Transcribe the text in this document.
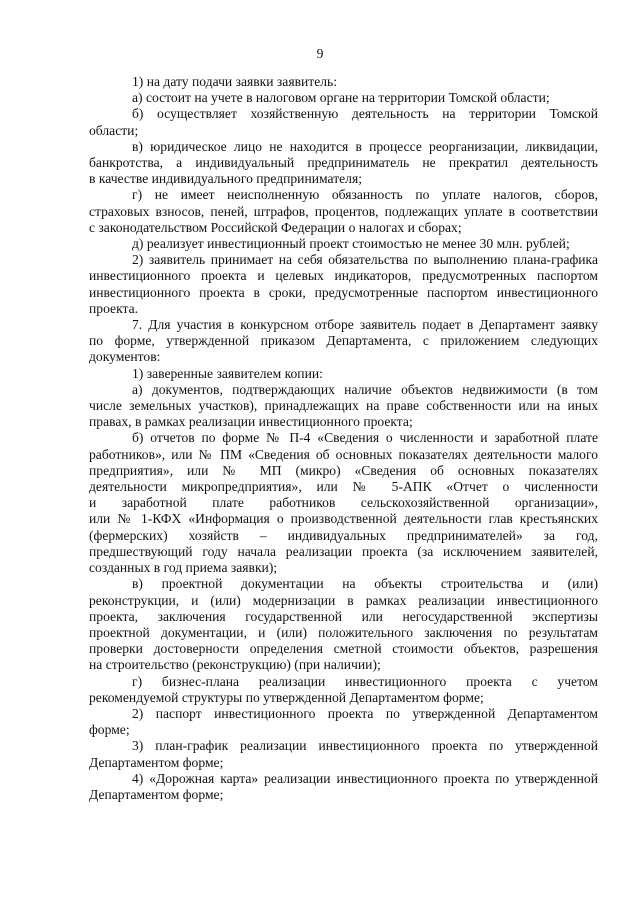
9
1) на дату подачи заявки заявитель:
а) состоит на учете в налоговом органе на территории Томской области;
б) осуществляет хозяйственную деятельность на территории Томской
области;
в) юридическое лицо не находится в процессе реорганизации, ликвидации,
банкротства, а индивидуальный предприниматель не прекратил деятельность
в качестве индивидуального предпринимателя;
г) не имеет неисполненную обязанность по уплате налогов, сборов,
страховых взносов, пеней, штрафов, процентов, подлежащих уплате в соответствии
с законодательством Российской Федерации о налогах и сборах;
д) реализует инвестиционный проект стоимостью не менее 30 млн. рублей;
2) заявитель принимает на себя обязательства по выполнению плана-графика
инвестиционного проекта и целевых индикаторов, предусмотренных паспортом
инвестиционного проекта в сроки, предусмотренные паспортом инвестиционного
проекта.
7. Для участия в конкурсном отборе заявитель подает в Департамент заявку
по форме, утвержденной приказом Департамента, с приложением следующих
документов:
1) заверенные заявителем копии:
а) документов, подтверждающих наличие объектов недвижимости (в том
числе земельных участков), принадлежащих на праве собственности или на иных
правах, в рамках реализации инвестиционного проекта;
б) отчетов по форме № П-4 «Сведения о численности и заработной плате
работников», или № ПМ «Сведения об основных показателях деятельности малого
предприятия», или № МП (микро) «Сведения об основных показателях
деятельности микропредприятия», или № 5-АПК «Отчет о численности
и заработной плате работников сельскохозяйственной организации»,
или № 1-КФХ «Информация о производственной деятельности глав крестьянских
(фермерских) хозяйств – индивидуальных предпринимателей» за год,
предшествующий году начала реализации проекта (за исключением заявителей,
созданных в год приема заявки);
в) проектной документации на объекты строительства и (или)
реконструкции, и (или) модернизации в рамках реализации инвестиционного
проекта, заключения государственной или негосударственной экспертизы
проектной документации, и (или) положительного заключения по результатам
проверки достоверности определения сметной стоимости объектов, разрешения
на строительство (реконструкцию) (при наличии);
г) бизнес-плана реализации инвестиционного проекта с учетом
рекомендуемой структуры по утвержденной Департаментом форме;
2) паспорт инвестиционного проекта по утвержденной Департаментом
форме;
3) план-график реализации инвестиционного проекта по утвержденной
Департаментом форме;
4) «Дорожная карта» реализации инвестиционного проекта по утвержденной
Департаментом форме;
